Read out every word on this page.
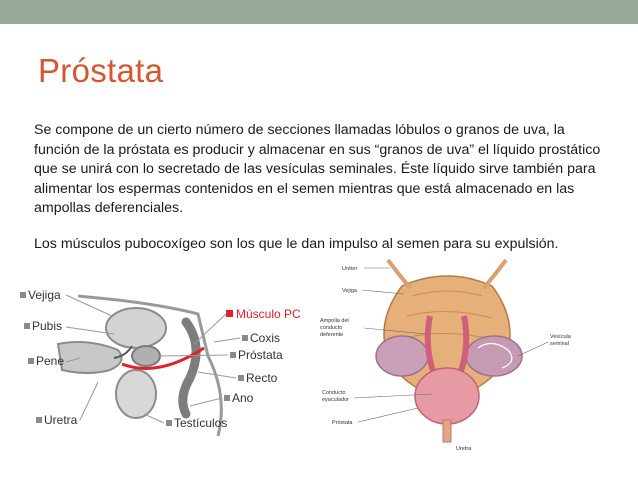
Próstata

Se compone de un cierto número de secciones llamadas lóbulos o granos de uva, la función de la próstata es producir y almacenar en sus “granos de uva” el líquido prostático que se unirá con lo secretado de las vesículas seminales. Éste líquido sirve también para alimentar los espermas contenidos en el semen mientras que está almacenado en las ampollas deferenciales.

Los músculos pubocoxígeo son los que le dan impulso al semen para su expulsión.

Vejiga
Pubis
Pene
Uretra
Músculo PC
Coxis
Próstata
Recto
Ano
Testículos
Uréter
Vejiga
Ampolla del
conducto
deferente
Conducto
eyaculador
Próstata
Uretra
Vesícula
seminal
